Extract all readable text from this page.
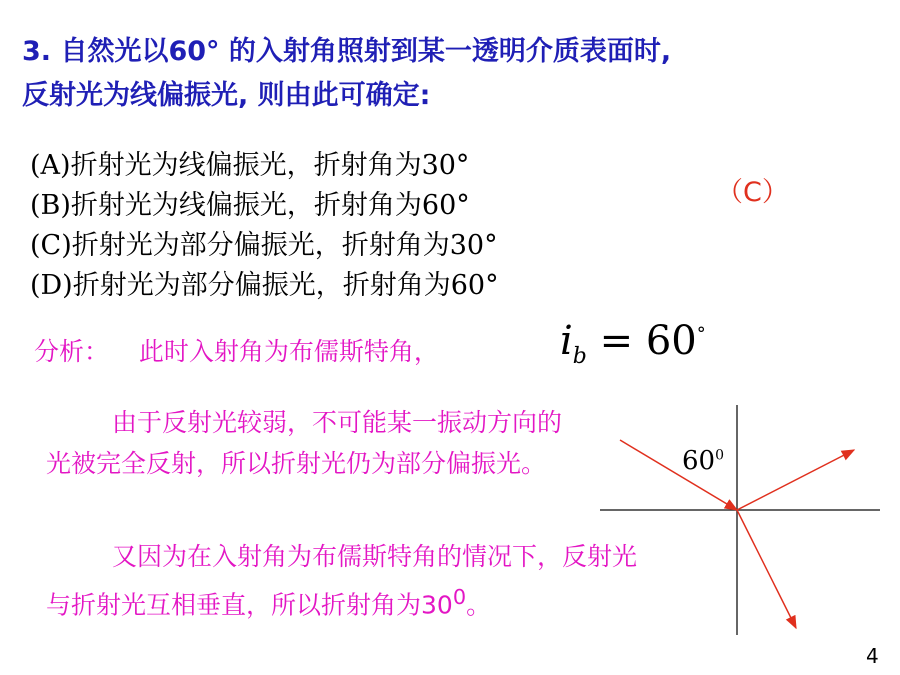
3. 自然光以60° 的入射角照射到某一透明介质表面时,
反射光为线偏振光, 则由此可确定:
(A)折射光为线偏振光，折射角为30°
(B)折射光为线偏振光，折射角为60°
(C)折射光为部分偏振光，折射角为30°
(D)折射光为部分偏振光，折射角为60°
（C）
分析： 此时入射角为布儒斯特角，	$i_b = 60^\circ$
由于反射光较弱，不可能某一振动方向的光被完全反射，所以折射光仍为部分偏振光。
又因为在入射角为布儒斯特角的情况下，反射光与折射光互相垂直，所以折射角为$30^0$。
$60^0$
4
